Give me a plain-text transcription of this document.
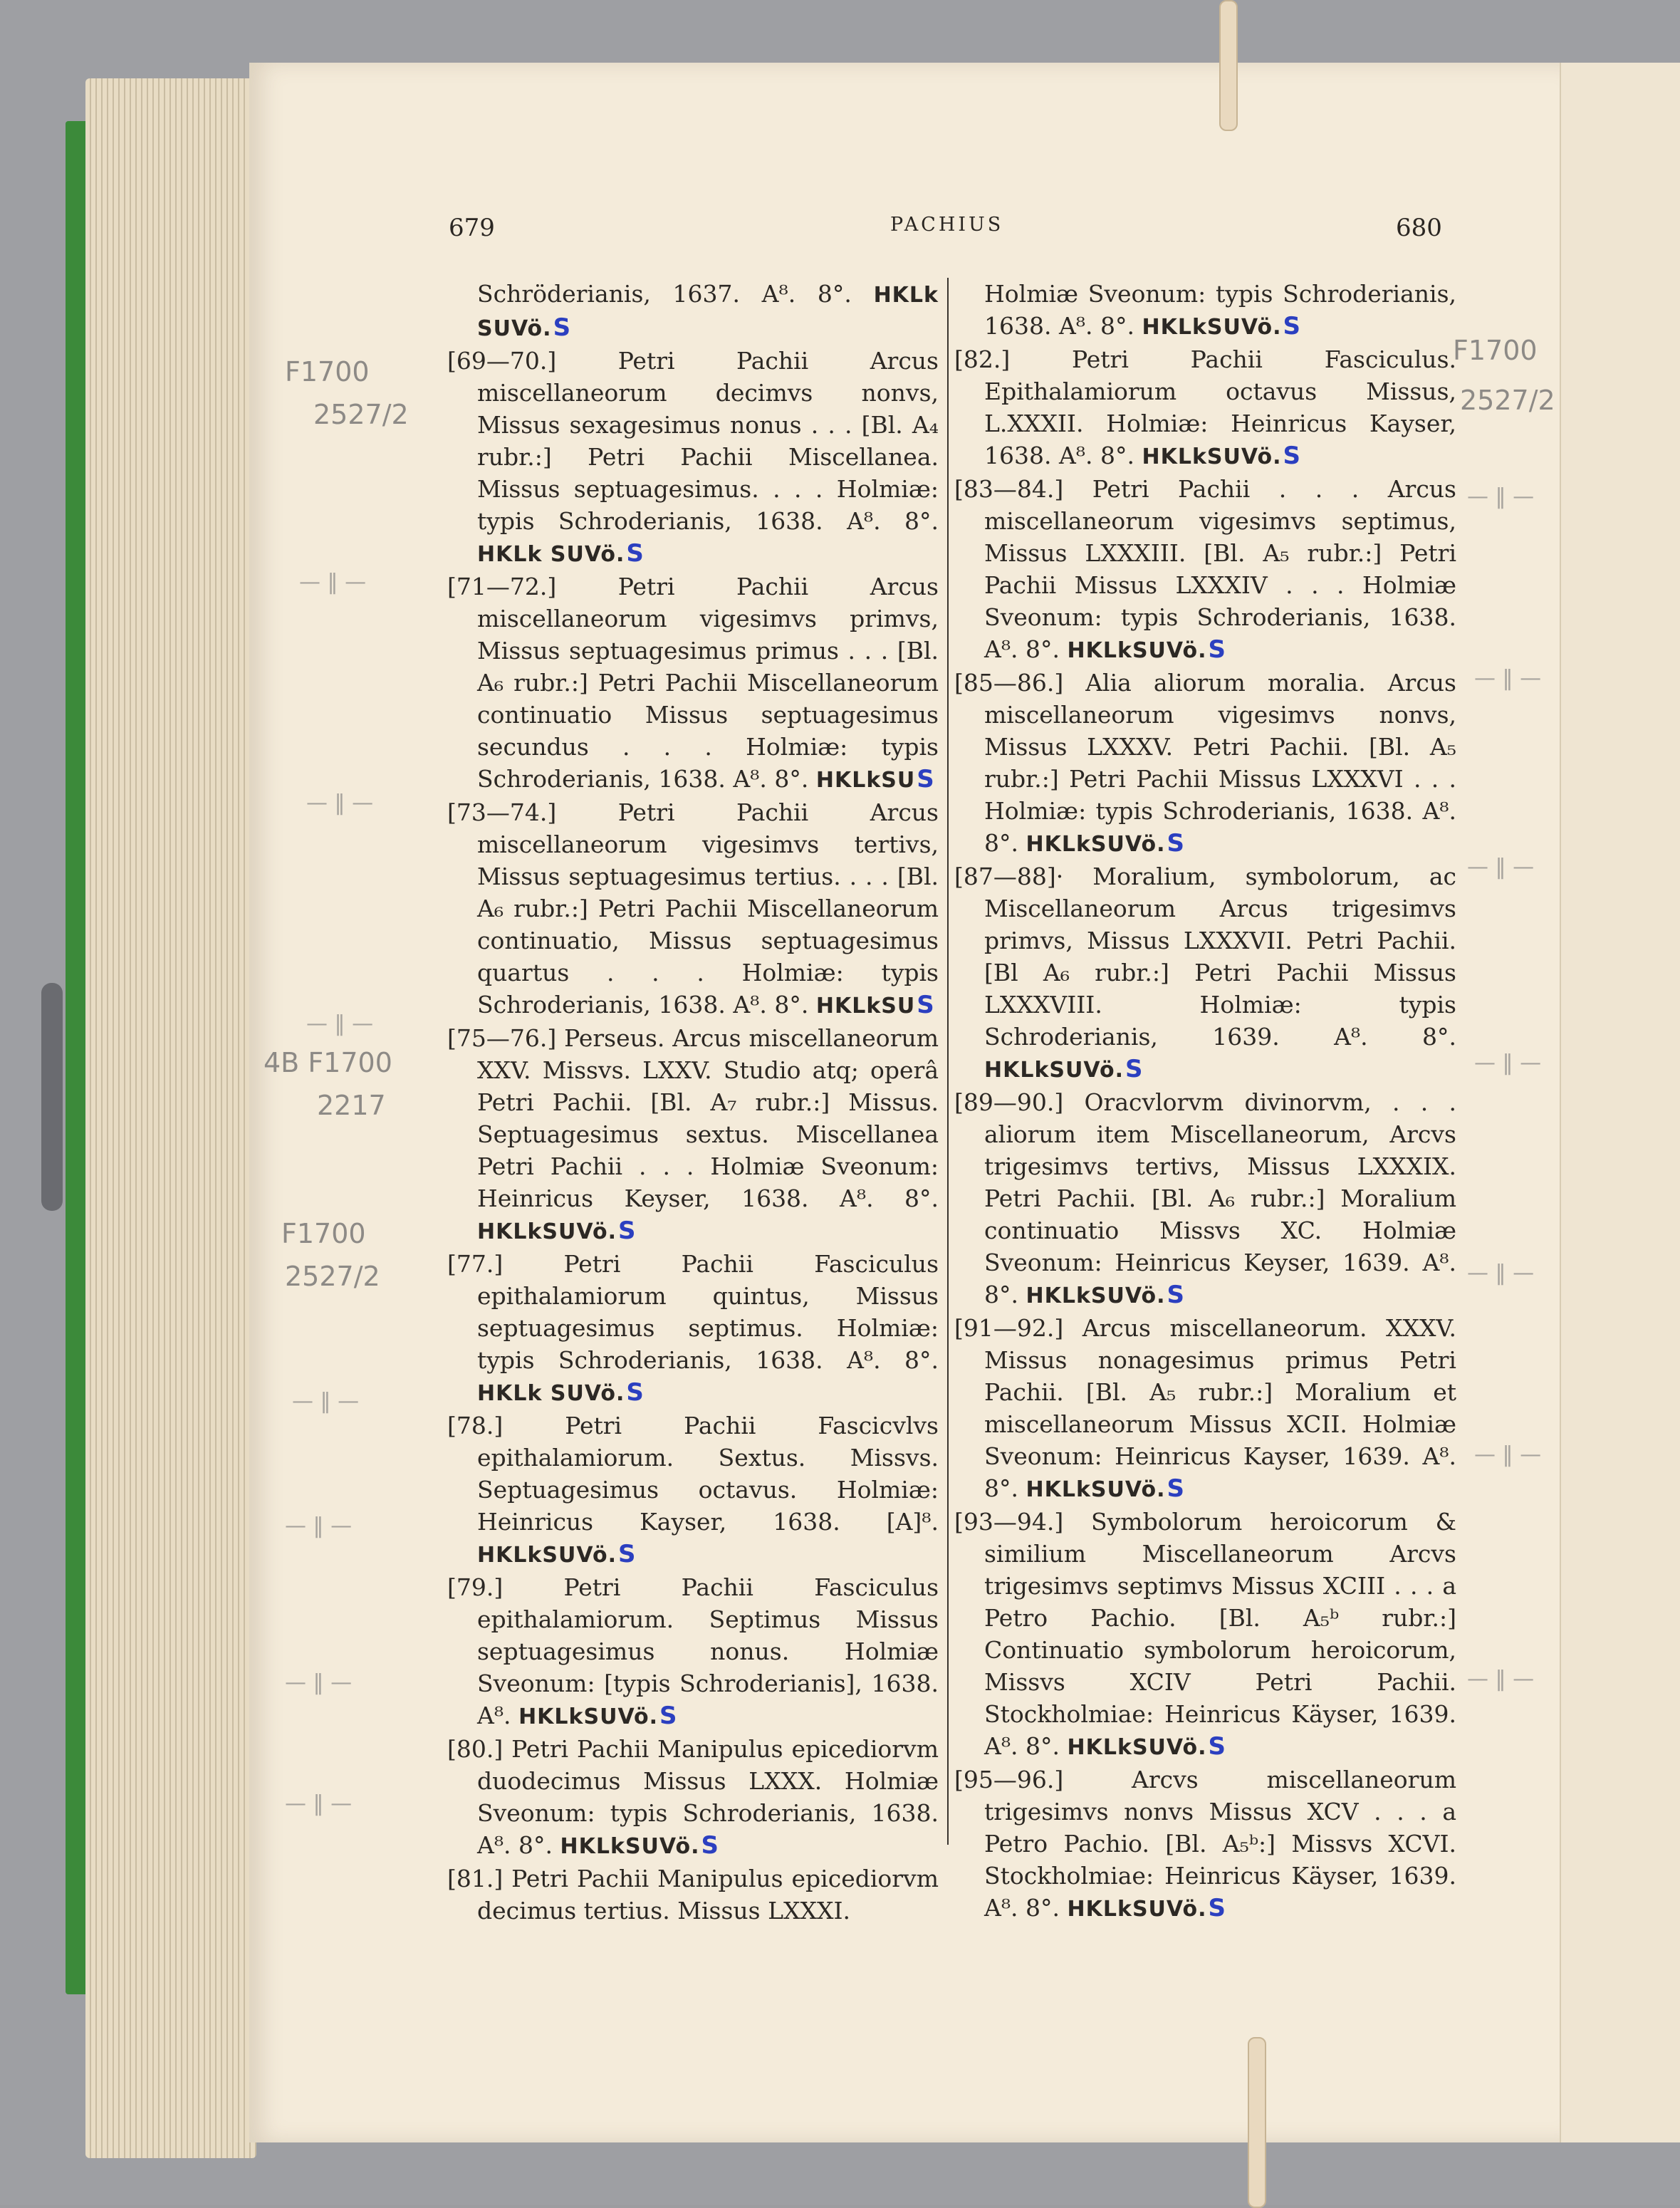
679	PACHIUS	680

Schröderianis, 1637. A⁸. 8°. HKLk SUVö.S

[69—70.] Petri Pachii Arcus miscellaneorum decimvs nonvs, Missus sexagesimus nonus . . . [Bl. A₄ rubr.:] Petri Pachii Miscellanea. Missus septuagesimus. . . . Holmiæ: typis Schroderianis, 1638. A⁸. 8°. HKLk SUVö.S

[71—72.] Petri Pachii Arcus miscellaneorum vigesimvs primvs, Missus septuagesimus primus . . . [Bl. A₆ rubr.:] Petri Pachii Miscellaneorum continuatio Missus septuagesimus secundus . . . Holmiæ: typis Schroderianis, 1638. A⁸. 8°. HKLkSUS

[73—74.] Petri Pachii Arcus miscellaneorum vigesimvs tertivs, Missus septuagesimus tertius. . . . [Bl. A₆ rubr.:] Petri Pachii Miscellaneorum continuatio, Missus septuagesimus quartus . . . Holmiæ: typis Schroderianis, 1638. A⁸. 8°. HKLkSUS

[75—76.] Perseus. Arcus miscellaneorum XXV. Missvs. LXXV. Studio atq; operâ Petri Pachii. [Bl. A₇ rubr.:] Missus. Septuagesimus sextus. Miscellanea Petri Pachii . . . Holmiæ Sveonum: Heinricus Keyser, 1638. A⁸. 8°. HKLkSUVö.S

[77.] Petri Pachii Fasciculus epithalamiorum quintus, Missus septuagesimus septimus. Holmiæ: typis Schroderianis, 1638. A⁸. 8°. HKLk SUVö.S

[78.] Petri Pachii Fascicvlvs epithalamiorum. Sextus. Missvs. Septuagesimus octavus. Holmiæ: Heinricus Kayser, 1638. [A]⁸. HKLkSUVö.S

[79.] Petri Pachii Fasciculus epithalamiorum. Septimus Missus septuagesimus nonus. Holmiæ Sveonum: [typis Schroderianis], 1638. A⁸. HKLkSUVö.S

[80.] Petri Pachii Manipulus epicediorvm duodecimus Missus LXXX. Holmiæ Sveonum: typis Schroderianis, 1638. A⁸. 8°. HKLkSUVö.S

[81.] Petri Pachii Manipulus epicediorvm decimus tertius. Missus LXXXI.

Holmiæ Sveonum: typis Schroderianis, 1638. A⁸. 8°. HKLkSUVö.S

[82.] Petri Pachii Fasciculus. Epithalamiorum octavus Missus, L.XXXII. Holmiæ: Heinricus Kayser, 1638. A⁸. 8°. HKLkSUVö.S

[83—84.] Petri Pachii . . . Arcus miscellaneorum vigesimvs septimus, Missus LXXXIII. [Bl. A₅ rubr.:] Petri Pachii Missus LXXXIV . . . Holmiæ Sveonum: typis Schroderianis, 1638. A⁸. 8°. HKLkSUVö.S

[85—86.] Alia aliorum moralia. Arcus miscellaneorum vigesimvs nonvs, Missus LXXXV. Petri Pachii. [Bl. A₅ rubr.:] Petri Pachii Missus LXXXVI . . . Holmiæ: typis Schroderianis, 1638. A⁸. 8°. HKLkSUVö.S

[87—88]· Moralium, symbolorum, ac Miscellaneorum Arcus trigesimvs primvs, Missus LXXXVII. Petri Pachii. [Bl A₆ rubr.:] Petri Pachii Missus LXXXVIII. Holmiæ: typis Schroderianis, 1639. A⁸. 8°. HKLkSUVö.S

[89—90.] Oracvlorvm divinorvm, . . . aliorum item Miscellaneorum, Arcvs trigesimvs tertivs, Missus LXXXIX. Petri Pachii. [Bl. A₆ rubr.:] Moralium continuatio Missvs XC. Holmiæ Sveonum: Heinricus Keyser, 1639. A⁸. 8°. HKLkSUVö.S

[91—92.] Arcus miscellaneorum. XXXV. Missus nonagesimus primus Petri Pachii. [Bl. A₅ rubr.:] Moralium et miscellaneorum Missus XCII. Holmiæ Sveonum: Heinricus Kayser, 1639. A⁸. 8°. HKLkSUVö.S

[93—94.] Symbolorum heroicorum & similium Miscellaneorum Arcvs trigesimvs septimvs Missus XCIII . . . a Petro Pachio. [Bl. A₅ᵇ rubr.:] Continuatio symbolorum heroicorum, Missvs XCIV Petri Pachii. Stockholmiae: Heinricus Käyser, 1639. A⁸. 8°. HKLkSUVö.S

[95—96.] Arcvs miscellaneorum trigesimvs nonvs Missus XCV . . . a Petro Pachio. [Bl. A₅ᵇ:] Missvs XCVI. Stockholmiae: Heinricus Käyser, 1639. A⁸. 8°. HKLkSUVö.S

F1700
2527/2
4B F1700
2217
F1700
2527/2
F1700
2527/2
— ‖ —
— ‖ —
— ‖ —
— ‖ —
— ‖ —
— ‖ —
— ‖ —
— ‖ —
— ‖ —
— ‖ —
— ‖ —
— ‖ —
— ‖ —
— ‖ —
